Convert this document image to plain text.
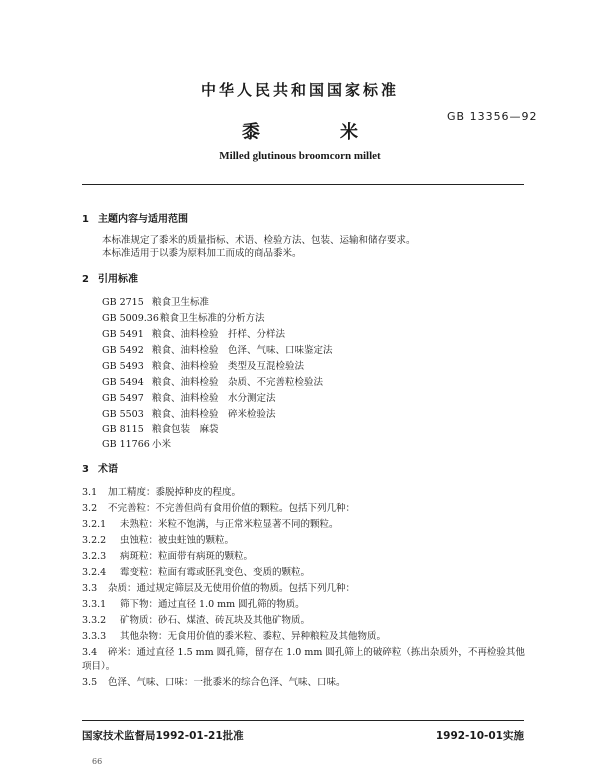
中华人民共和国国家标准
GB 13356—92
黍米
Milled glutinous broomcorn millet
1 主题内容与适用范围
本标准规定了黍米的质量指标、术语、检验方法、包装、运输和储存要求。
本标准适用于以黍为原料加工而成的商品黍米。
2 引用标准
GB 2715 粮食卫生标准
GB 5009.36粮食卫生标准的分析方法
GB 5491 粮食、油料检验　扦样、分样法
GB 5492 粮食、油料检验　色泽、气味、口味鉴定法
GB 5493 粮食、油料检验　类型及互混检验法
GB 5494 粮食、油料检验　杂质、不完善粒检验法
GB 5497 粮食、油料检验　水分测定法
GB 5503 粮食、油料检验　碎米检验法
GB 8115 粮食包装　麻袋
GB 11766 小米
3 术语
3.1 加工精度：黍脱掉种皮的程度。
3.2 不完善粒：不完善但尚有食用价值的颗粒。包括下列几种：
3.2.1 未熟粒：米粒不饱满，与正常米粒显著不同的颗粒。
3.2.2 虫蚀粒：被虫蛀蚀的颗粒。
3.2.3 病斑粒：粒面带有病斑的颗粒。
3.2.4 霉变粒：粒面有霉或胚乳变色、变质的颗粒。
3.3 杂质：通过规定筛层及无使用价值的物质。包括下列几种：
3.3.1 筛下物：通过直径 1.0 mm 圆孔筛的物质。
3.3.2 矿物质：砂石、煤渣、砖瓦块及其他矿物质。
3.3.3 其他杂物：无食用价值的黍米粒、黍粒、异种粮粒及其他物质。
3.4 碎米：通过直径 1.5 mm 圆孔筛，留存在 1.0 mm 圆孔筛上的破碎粒（拣出杂质外，不再检验其他
项目）。
3.5 色泽、气味、口味：一批黍米的综合色泽、气味、口味。
国家技术监督局1992-01-21批准	1992-10-01实施
66
